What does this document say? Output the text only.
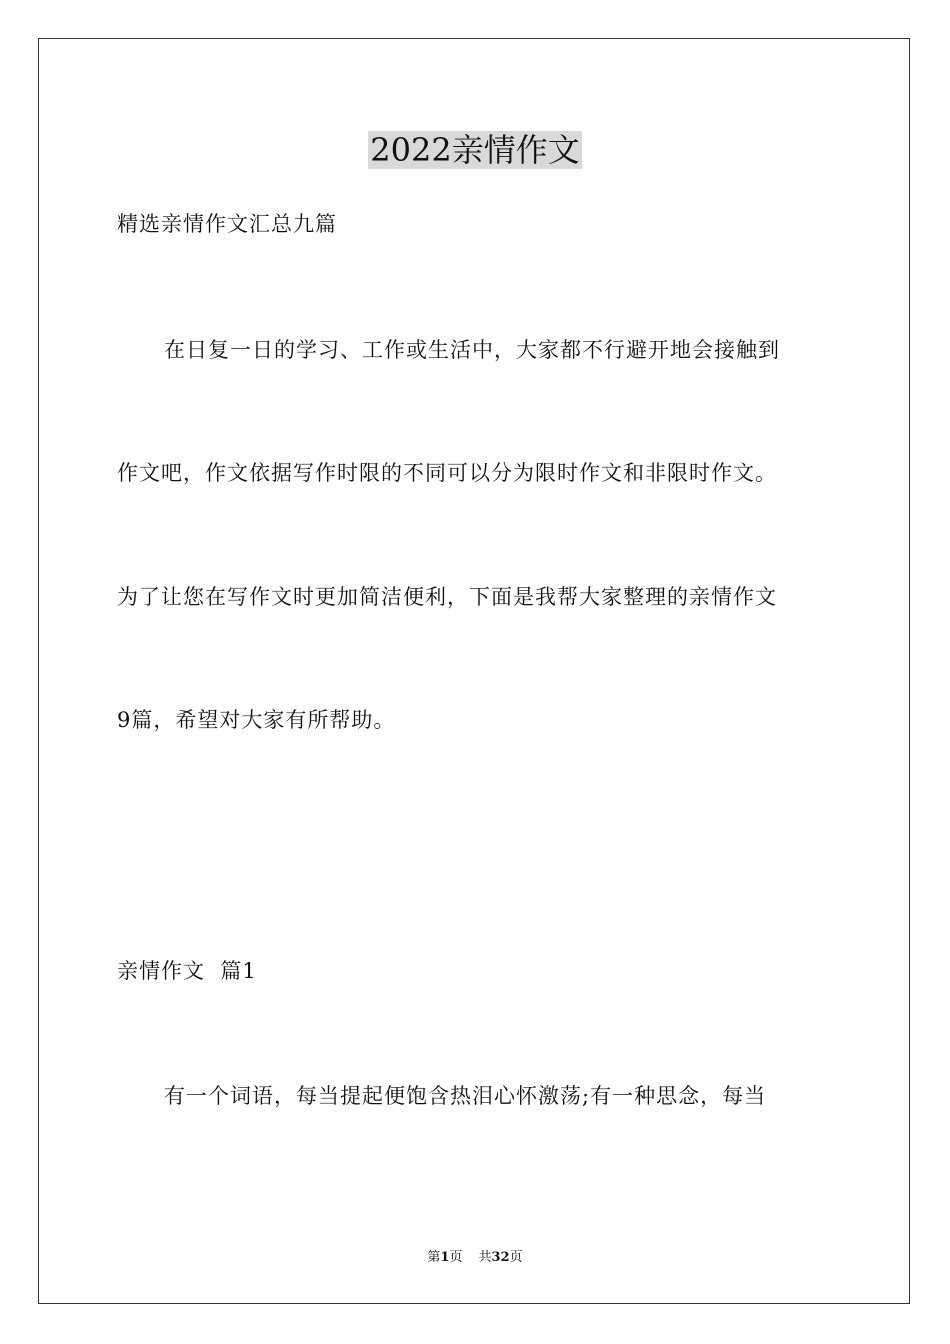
2022亲情作文
精选亲情作文汇总九篇
在日复一日的学习、工作或生活中，大家都不行避开地会接触到
作文吧，作文依据写作时限的不同可以分为限时作文和非限时作文。
为了让您在写作文时更加简洁便利，下面是我帮大家整理的亲情作文
9篇，希望对大家有所帮助。
亲情作文  篇1
有一个词语，每当提起便饱含热泪心怀激荡;有一种思念，每当
第1页 共32页
